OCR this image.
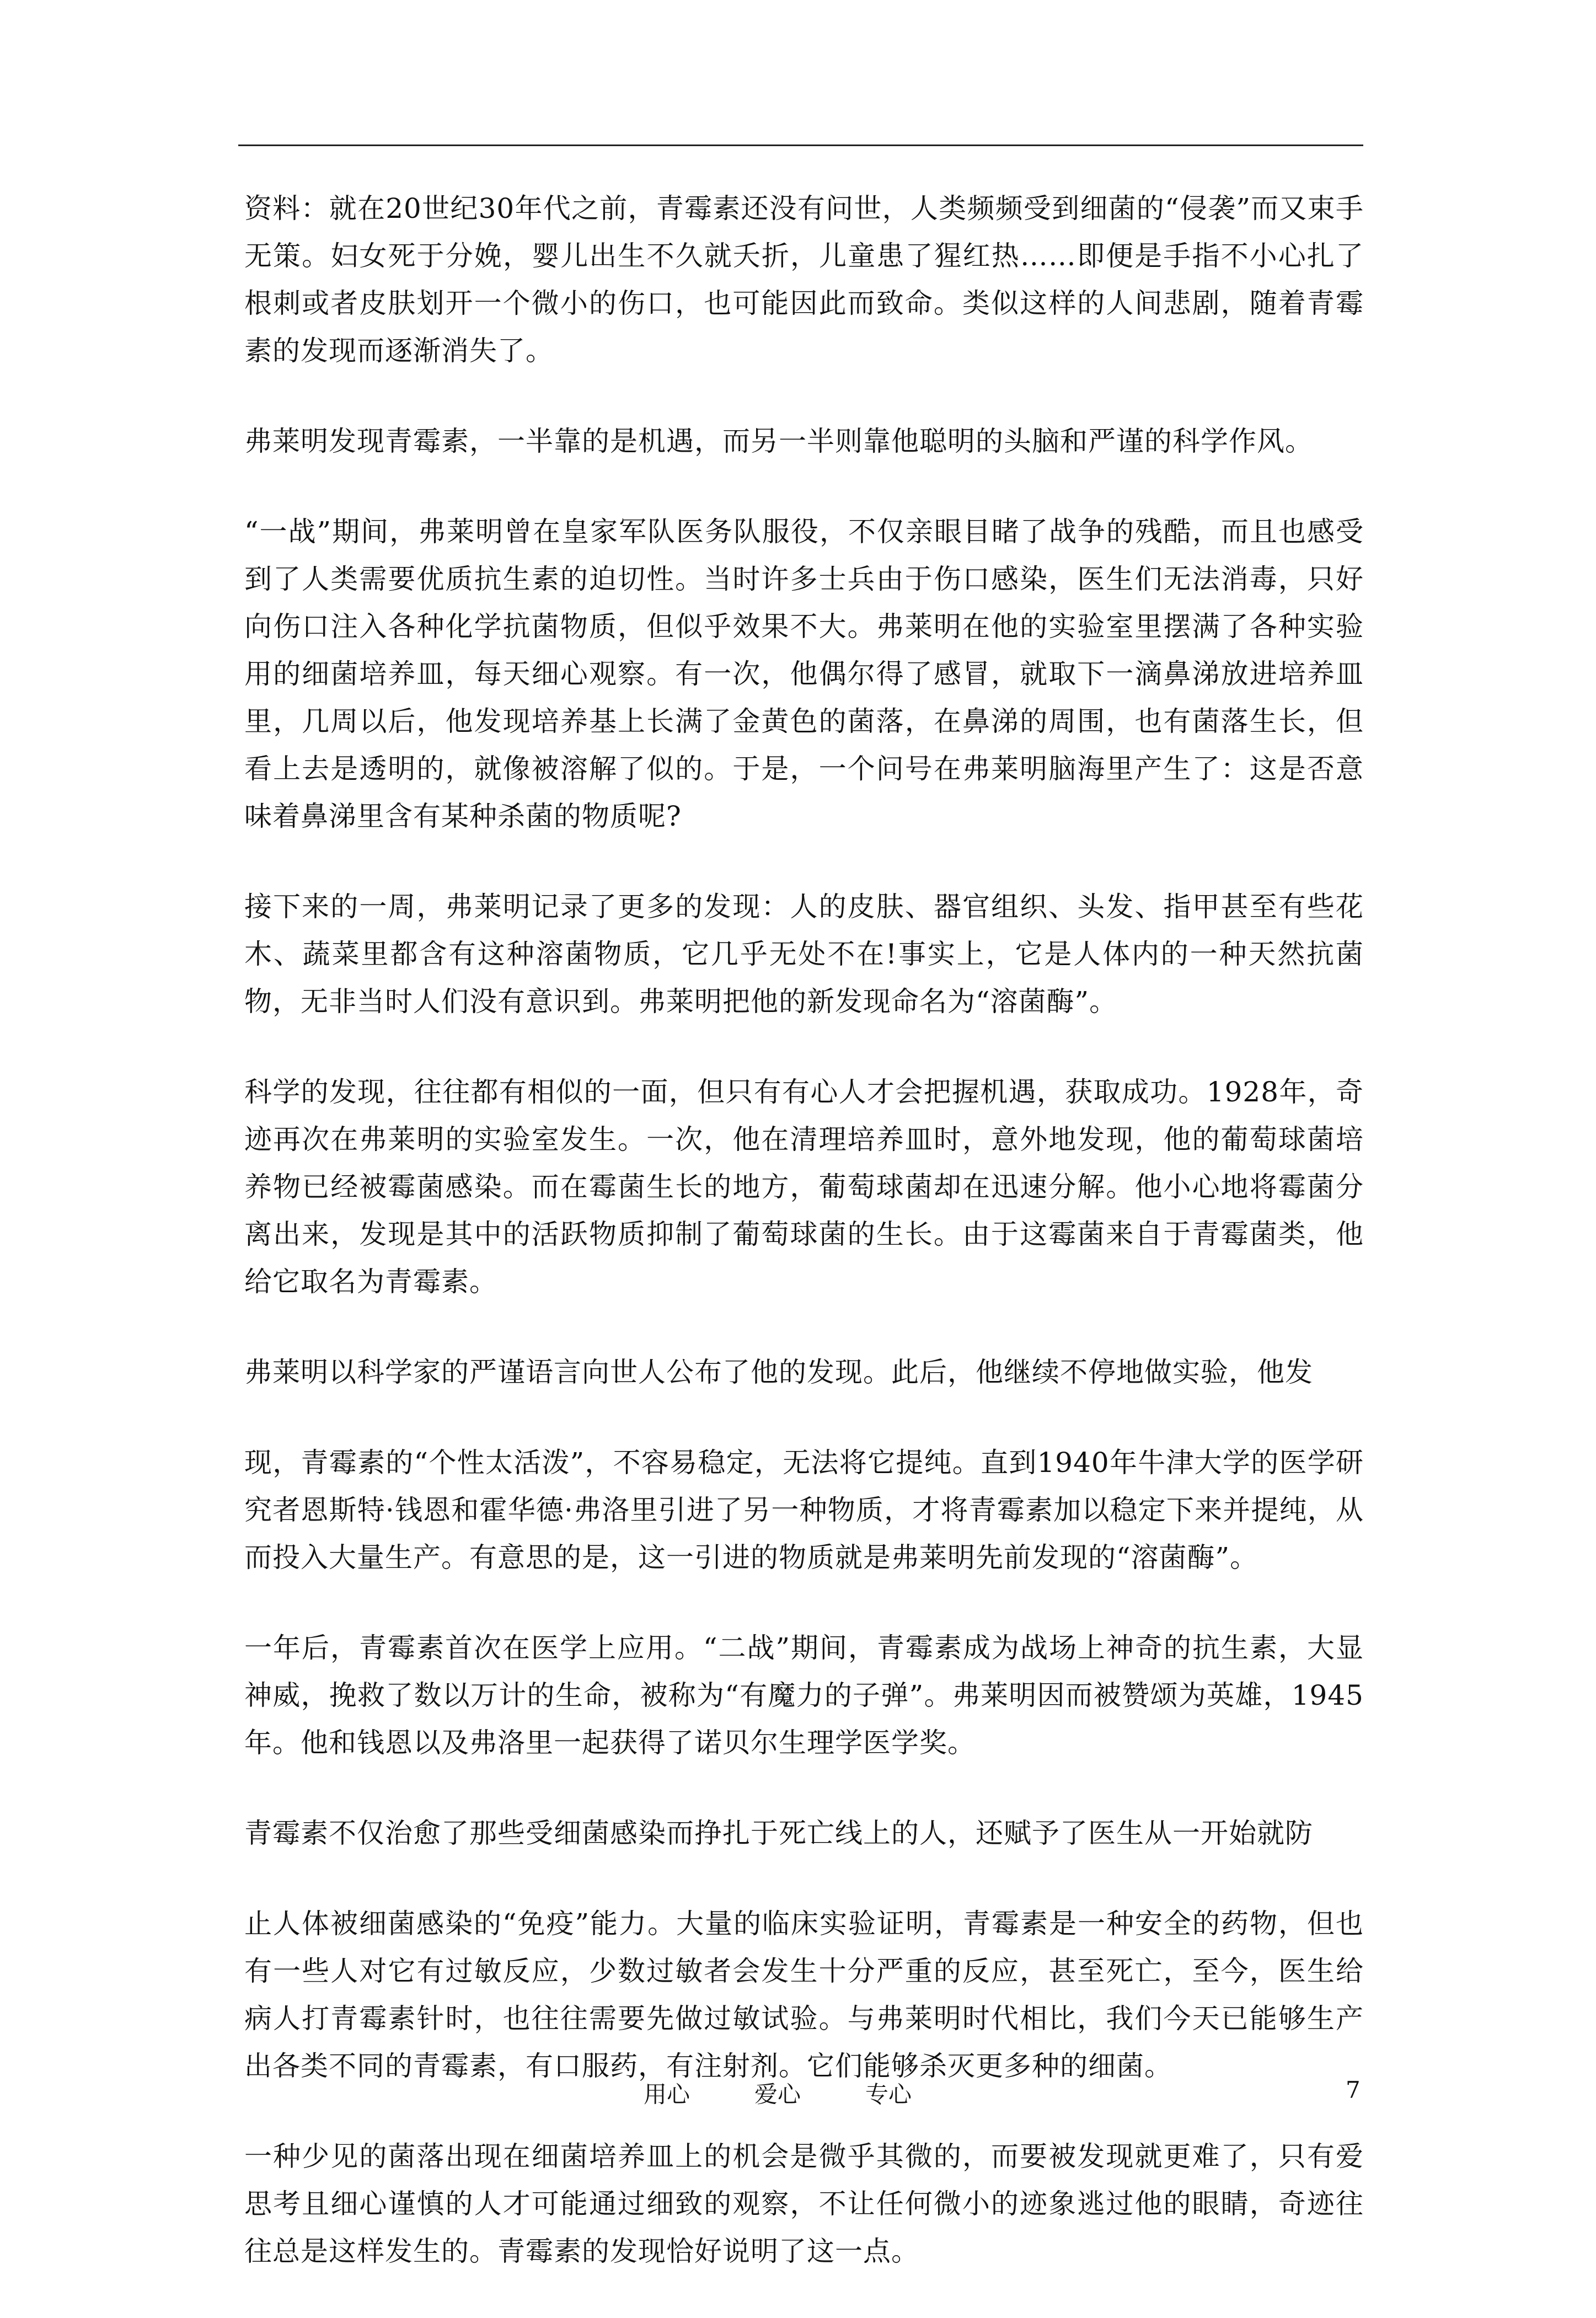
资料：就在20世纪30年代之前，青霉素还没有问世，人类频频受到细菌的“侵袭”而又束手无策。妇女死于分娩，婴儿出生不久就夭折，儿童患了猩红热……即便是手指不小心扎了根刺或者皮肤划开一个微小的伤口，也可能因此而致命。类似这样的人间悲剧，随着青霉素的发现而逐渐消失了。

弗莱明发现青霉素，一半靠的是机遇，而另一半则靠他聪明的头脑和严谨的科学作风。

“一战”期间，弗莱明曾在皇家军队医务队服役，不仅亲眼目睹了战争的残酷，而且也感受到了人类需要优质抗生素的迫切性。当时许多士兵由于伤口感染，医生们无法消毒，只好向伤口注入各种化学抗菌物质，但似乎效果不大。弗莱明在他的实验室里摆满了各种实验用的细菌培养皿，每天细心观察。有一次，他偶尔得了感冒，就取下一滴鼻涕放进培养皿里，几周以后，他发现培养基上长满了金黄色的菌落，在鼻涕的周围，也有菌落生长，但看上去是透明的，就像被溶解了似的。于是，一个问号在弗莱明脑海里产生了：这是否意味着鼻涕里含有某种杀菌的物质呢?

接下来的一周，弗莱明记录了更多的发现：人的皮肤、器官组织、头发、指甲甚至有些花木、蔬菜里都含有这种溶菌物质，它几乎无处不在!事实上，它是人体内的一种天然抗菌物，无非当时人们没有意识到。弗莱明把他的新发现命名为“溶菌酶”。

科学的发现，往往都有相似的一面，但只有有心人才会把握机遇，获取成功。1928年，奇迹再次在弗莱明的实验室发生。一次，他在清理培养皿时，意外地发现，他的葡萄球菌培养物已经被霉菌感染。而在霉菌生长的地方，葡萄球菌却在迅速分解。他小心地将霉菌分离出来，发现是其中的活跃物质抑制了葡萄球菌的生长。由于这霉菌来自于青霉菌类，他给它取名为青霉素。

弗莱明以科学家的严谨语言向世人公布了他的发现。此后，他继续不停地做实验，他发

现，青霉素的“个性太活泼”，不容易稳定，无法将它提纯。直到1940年牛津大学的医学研究者恩斯特·钱恩和霍华德·弗洛里引进了另一种物质，才将青霉素加以稳定下来并提纯，从而投入大量生产。有意思的是，这一引进的物质就是弗莱明先前发现的“溶菌酶”。

一年后，青霉素首次在医学上应用。“二战”期间，青霉素成为战场上神奇的抗生素，大显神威，挽救了数以万计的生命，被称为“有魔力的子弹”。弗莱明因而被赞颂为英雄，1945年。他和钱恩以及弗洛里一起获得了诺贝尔生理学医学奖。

青霉素不仅治愈了那些受细菌感染而挣扎于死亡线上的人，还赋予了医生从一开始就防

止人体被细菌感染的“免疫”能力。大量的临床实验证明，青霉素是一种安全的药物，但也有一些人对它有过敏反应，少数过敏者会发生十分严重的反应，甚至死亡，至今，医生给病人打青霉素针时，也往往需要先做过敏试验。与弗莱明时代相比，我们今天已能够生产出各类不同的青霉素，有口服药，有注射剂。它们能够杀灭更多种的细菌。

一种少见的菌落出现在细菌培养皿上的机会是微乎其微的，而要被发现就更难了，只有爱思考且细心谨慎的人才可能通过细致的观察，不让任何微小的迹象逃过他的眼睛，奇迹往往总是这样发生的。青霉素的发现恰好说明了这一点。

用心	爱心	专心	7
